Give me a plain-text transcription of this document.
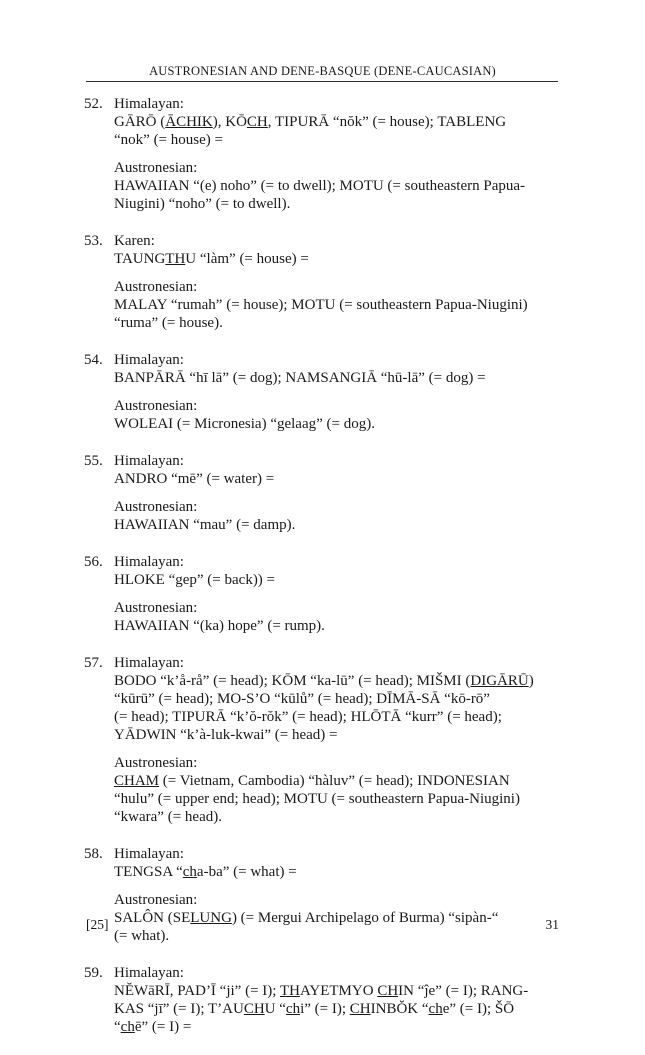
AUSTRONESIAN AND DENE-BASQUE (DENE-CAUCASIAN)
52. Himalayan:
GĀRŌ (ĀCHIK), KŌCH, TIPURĀ “nŏk” (= house); TABLENG
“nok” (= house) =
Austronesian:
HAWAIIAN “(e) noho” (= to dwell); MOTU (= southeastern Papua-
Niugini) “noho” (= to dwell).
53. Karen:
TAUNGTHU “làm” (= house) =
Austronesian:
MALAY “rumah” (= house); MOTU (= southeastern Papua-Niugini)
“ruma” (= house).
54. Himalayan:
BANPĀRĀ “hī lā” (= dog); NAMSANGIĀ “hū-lā” (= dog) =
Austronesian:
WOLEAI (= Micronesia) “gelaag” (= dog).
55. Himalayan:
ANDRO “mē” (= water) =
Austronesian:
HAWAIIAN “mau” (= damp).
56. Himalayan:
HLOKE “gep” (= back)) =
Austronesian:
HAWAIIAN “(ka) hope” (= rump).
57. Himalayan:
BODO “k’å-rå” (= head); KŌM “ka-lū” (= head); MIŠMI (DIGĀRŪ)
“kūrū” (= head); MO-S’O “kūlů” (= head); DĪMĀ-SĀ “kō-rō”
(= head); TIPURĀ “k’ŏ-rŏk” (= head); HLŌTĀ “kurr” (= head);
YĀDWIN “k’à-luk-kwai” (= head) =
Austronesian:
CHAM (= Vietnam, Cambodia) “hàluv” (= head); INDONESIAN
“hulu” (= upper end; head); MOTU (= southeastern Papua-Niugini)
“kwara” (= head).
58. Himalayan:
TENGSA “cha-ba” (= what) =
Austronesian:
SALÔN (SELUNG) (= Mergui Archipelago of Burma) “sipàn-“
(= what).
59. Himalayan:
NĔWāRĪ, PAD’Ī “ji” (= I); THAYETMYO CHIN “ĵe” (= I); RANG-
KAS “jī” (= I); T’AUCHU “chi” (= I); CHINBŎK “che” (= I); ŠŌ
“chē” (= I) =
[25]	31
